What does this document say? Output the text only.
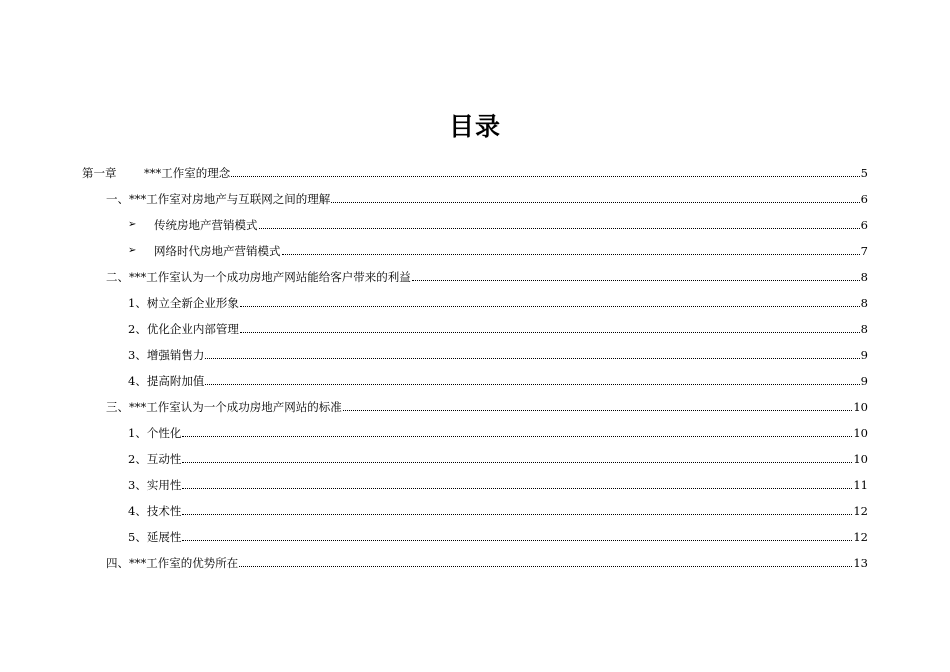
目录
第一章	***工作室的理念	5
一、***工作室对房地产与互联网之间的理解	6
➢	传统房地产营销模式	6
➢	网络时代房地产营销模式	7
二、***工作室认为一个成功房地产网站能给客户带来的利益	8
1、树立全新企业形象	8
2、优化企业内部管理	8
3、增强销售力	9
4、提高附加值	9
三、***工作室认为一个成功房地产网站的标准	10
1、个性化	10
2、互动性	10
3、实用性	11
4、技术性	12
5、延展性	12
四、***工作室的优势所在	13
